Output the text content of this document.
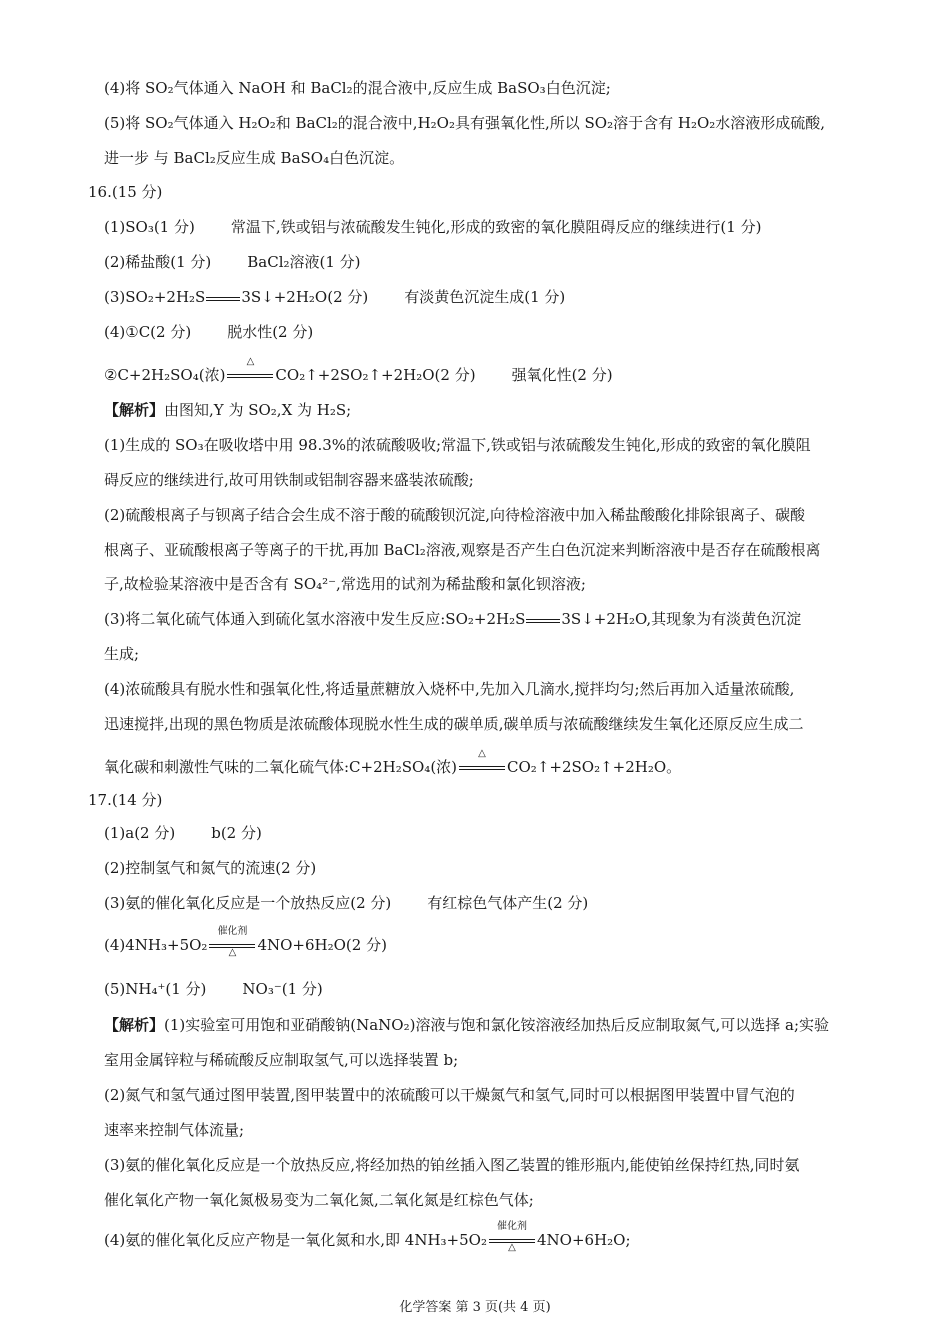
(4)将 SO₂气体通入 NaOH 和 BaCl₂的混合液中,反应生成 BaSO₃白色沉淀;
(5)将 SO₂气体通入 H₂O₂和 BaCl₂的混合液中,H₂O₂具有强氧化性,所以 SO₂溶于含有 H₂O₂水溶液形成硫酸,
进一步 与 BaCl₂反应生成 BaSO₄白色沉淀。
16.(15 分)
(1)SO₃(1 分) 常温下,铁或铝与浓硫酸发生钝化,形成的致密的氧化膜阻碍反应的继续进行(1 分)
(2)稀盐酸(1 分) BaCl₂溶液(1 分)
(3)SO₂+2H₂S 3S↓+2H₂O(2 分) 有淡黄色沉淀生成(1 分)
(4)①C(2 分) 脱水性(2 分)
②C+2H₂SO₄(浓)
△
CO₂↑+2SO₂↑+2H₂O(2 分) 强氧化性(2 分)
【解析】由图知,Y 为 SO₂,X 为 H₂S;
(1)生成的 SO₃在吸收塔中用 98.3%的浓硫酸吸收;常温下,铁或铝与浓硫酸发生钝化,形成的致密的氧化膜阻
碍反应的继续进行,故可用铁制或铝制容器来盛装浓硫酸;
(2)硫酸根离子与钡离子结合会生成不溶于酸的硫酸钡沉淀,向待检溶液中加入稀盐酸酸化排除银离子、碳酸
根离子、亚硫酸根离子等离子的干扰,再加 BaCl₂溶液,观察是否产生白色沉淀来判断溶液中是否存在硫酸根离
子,故检验某溶液中是否含有 SO₄²⁻,常选用的试剂为稀盐酸和氯化钡溶液;
(3)将二氧化硫气体通入到硫化氢水溶液中发生反应:SO₂+2H₂S 3S↓+2H₂O,其现象为有淡黄色沉淀
生成;
(4)浓硫酸具有脱水性和强氧化性,将适量蔗糖放入烧杯中,先加入几滴水,搅拌均匀;然后再加入适量浓硫酸,
迅速搅拌,出现的黑色物质是浓硫酸体现脱水性生成的碳单质,碳单质与浓硫酸继续发生氧化还原反应生成二
氧化碳和刺激性气味的二氧化硫气体:C+2H₂SO₄(浓)
△
CO₂↑+2SO₂↑+2H₂O。
17.(14 分)
(1)a(2 分) b(2 分)
(2)控制氢气和氮气的流速(2 分)
(3)氨的催化氧化反应是一个放热反应(2 分) 有红棕色气体产生(2 分)
(4)4NH₃+5O₂
催化剂
△	4NO+6H₂O(2 分)
(5)NH₄⁺(1 分) NO₃⁻(1 分)
【解析】(1)实验室可用饱和亚硝酸钠(NaNO₂)溶液与饱和氯化铵溶液经加热后反应制取氮气,可以选择 a;实验
室用金属锌粒与稀硫酸反应制取氢气,可以选择装置 b;
(2)氮气和氢气通过图甲装置,图甲装置中的浓硫酸可以干燥氮气和氢气,同时可以根据图甲装置中冒气泡的
速率来控制气体流量;
(3)氨的催化氧化反应是一个放热反应,将经加热的铂丝插入图乙装置的锥形瓶内,能使铂丝保持红热,同时氨
催化氧化产物一氧化氮极易变为二氧化氮,二氧化氮是红棕色气体;
(4)氨的催化氧化反应产物是一氧化氮和水,即 4NH₃+5O₂
催化剂
△	4NO+6H₂O;
化学答案 第 3 页(共 4 页)
